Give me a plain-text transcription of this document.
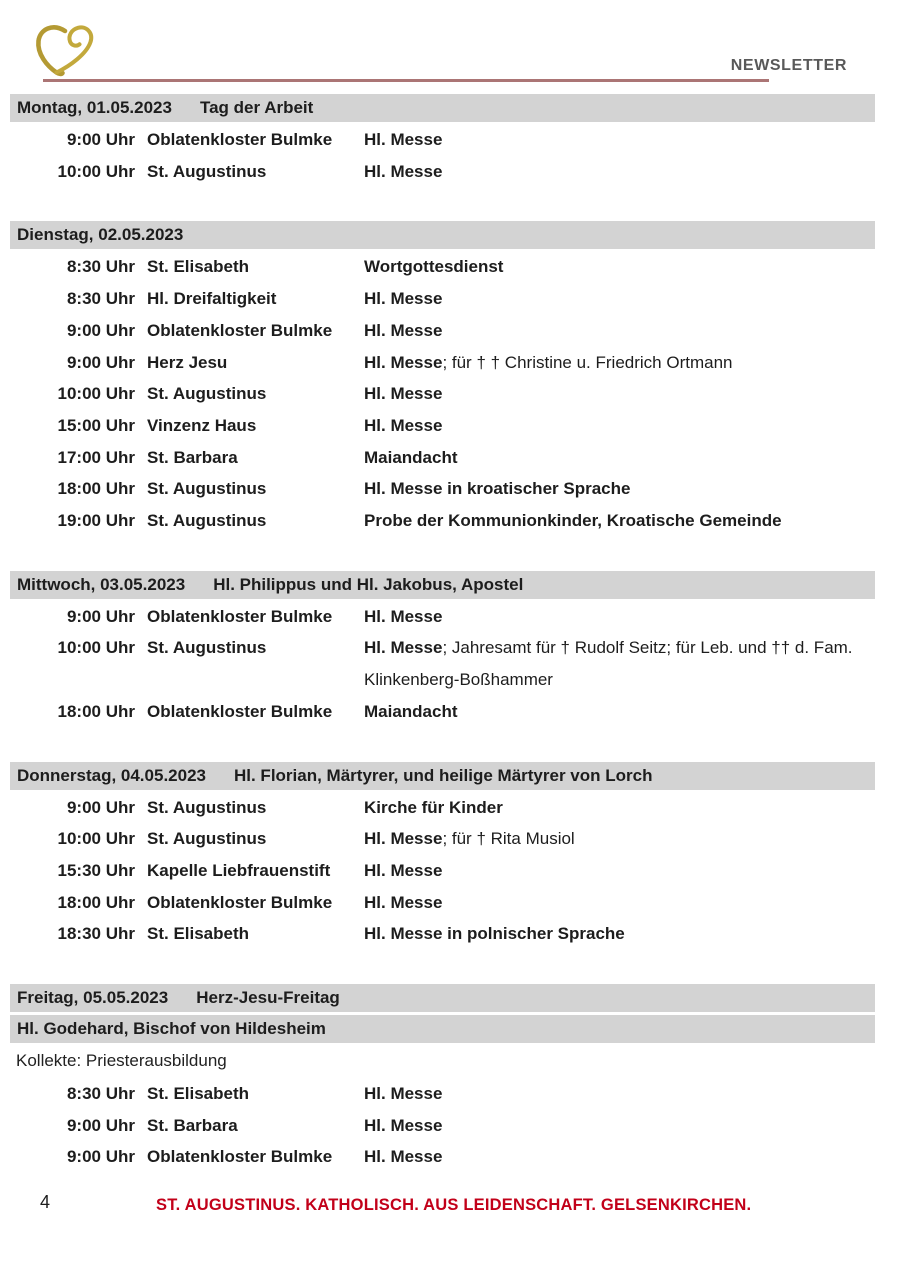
NEWSLETTER
Montag, 01.05.2023 Tag der Arbeit
9:00 Uhr Oblatenkloster Bulmke	Hl. Messe
10:00 Uhr St. Augustinus	Hl. Messe
Dienstag, 02.05.2023
8:30 Uhr St. Elisabeth	Wortgottesdienst
8:30 Uhr Hl. Dreifaltigkeit	Hl. Messe
9:00 Uhr Oblatenkloster Bulmke	Hl. Messe
9:00 Uhr Herz Jesu	Hl. Messe; für † † Christine u. Friedrich Ortmann
10:00 Uhr St. Augustinus	Hl. Messe
15:00 Uhr Vinzenz Haus	Hl. Messe
17:00 Uhr St. Barbara	Maiandacht
18:00 Uhr St. Augustinus	Hl. Messe in kroatischer Sprache
19:00 Uhr St. Augustinus	Probe der Kommunionkinder, Kroatische Gemeinde
Mittwoch, 03.05.2023 Hl. Philippus und Hl. Jakobus, Apostel
9:00 Uhr Oblatenkloster Bulmke	Hl. Messe
10:00 Uhr St. Augustinus	Hl. Messe; Jahresamt für † Rudolf Seitz; für Leb. und †† d. Fam. Klinkenberg-Boßhammer
18:00 Uhr Oblatenkloster Bulmke	Maiandacht
Donnerstag, 04.05.2023 Hl. Florian, Märtyrer, und heilige Märtyrer von Lorch
9:00 Uhr St. Augustinus	Kirche für Kinder
10:00 Uhr St. Augustinus	Hl. Messe; für † Rita Musiol
15:30 Uhr Kapelle Liebfrauenstift	Hl. Messe
18:00 Uhr Oblatenkloster Bulmke	Hl. Messe
18:30 Uhr St. Elisabeth	Hl. Messe in polnischer Sprache
Freitag, 05.05.2023 Herz-Jesu-Freitag
Hl. Godehard, Bischof von Hildesheim
Kollekte: Priesterausbildung
8:30 Uhr St. Elisabeth	Hl. Messe
9:00 Uhr St. Barbara	Hl. Messe
9:00 Uhr Oblatenkloster Bulmke	Hl. Messe
4	ST. AUGUSTINUS. KATHOLISCH. AUS LEIDENSCHAFT. GELSENKIRCHEN.
